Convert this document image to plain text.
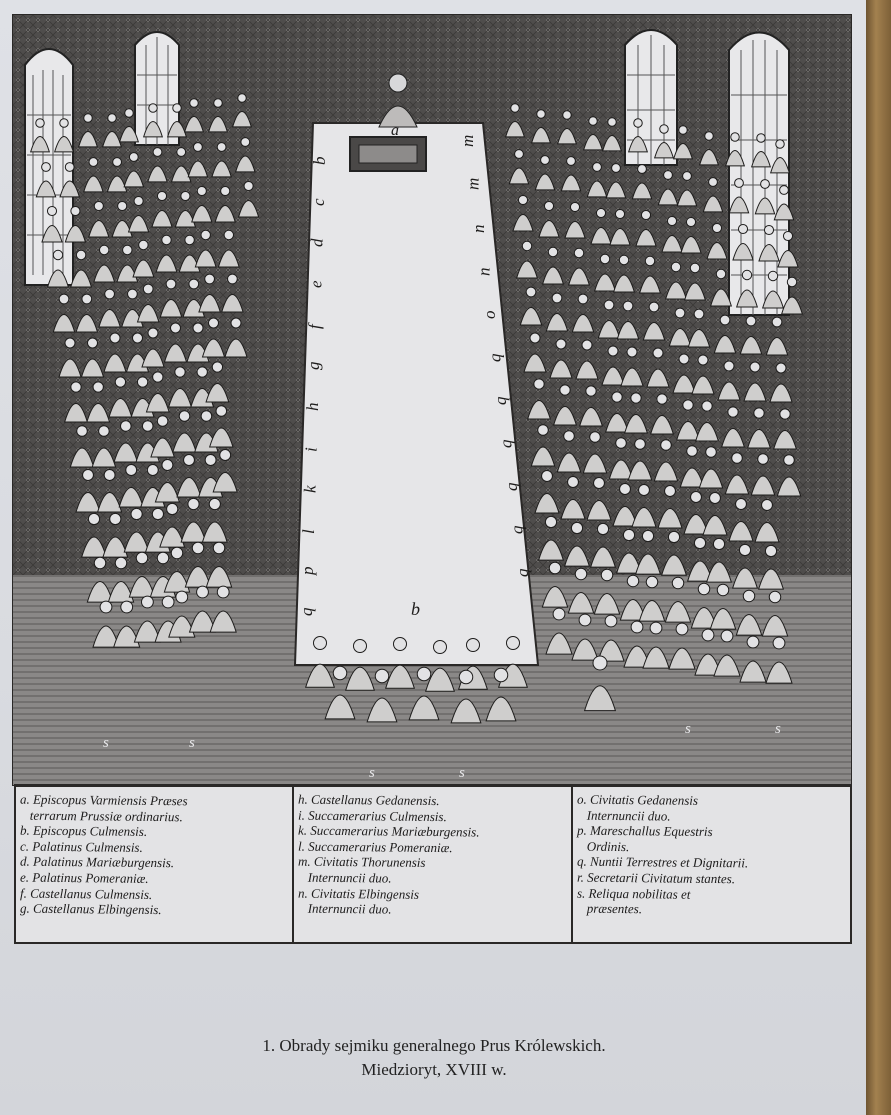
b
c
d
e
f
g
h
i
k
l
p
q
m
m
n
n
o
q
q
q
q
q
q
a
b
s	s
s	s
s	s
a. Episcopus Varmiensis Præses
terrarum Prussiæ ordinarius.
b. Episcopus Culmensis.
c. Palatinus Culmensis.
d. Palatinus Mariæburgensis.
e. Palatinus Pomeraniæ.
f. Castellanus Culmensis.
g. Castellanus Elbingensis.
h. Castellanus Gedanensis.
i. Succamerarius Culmensis.
k. Succamerarius Mariæburgensis.
l. Succamerarius Pomeraniæ.
m. Civitatis Thorunensis
Internuncii duo.
n. Civitatis Elbingensis
Internuncii duo.
o. Civitatis Gedanensis
Internuncii duo.
p. Mareschallus Equestris
Ordinis.
q. Nuntii Terrestres et Dignitarii.
r. Secretarii Civitatum stantes.
s. Reliqua nobilitas et
præsentes.
1. Obrady sejmiku generalnego Prus Królewskich.
Miedzioryt, XVIII w.
